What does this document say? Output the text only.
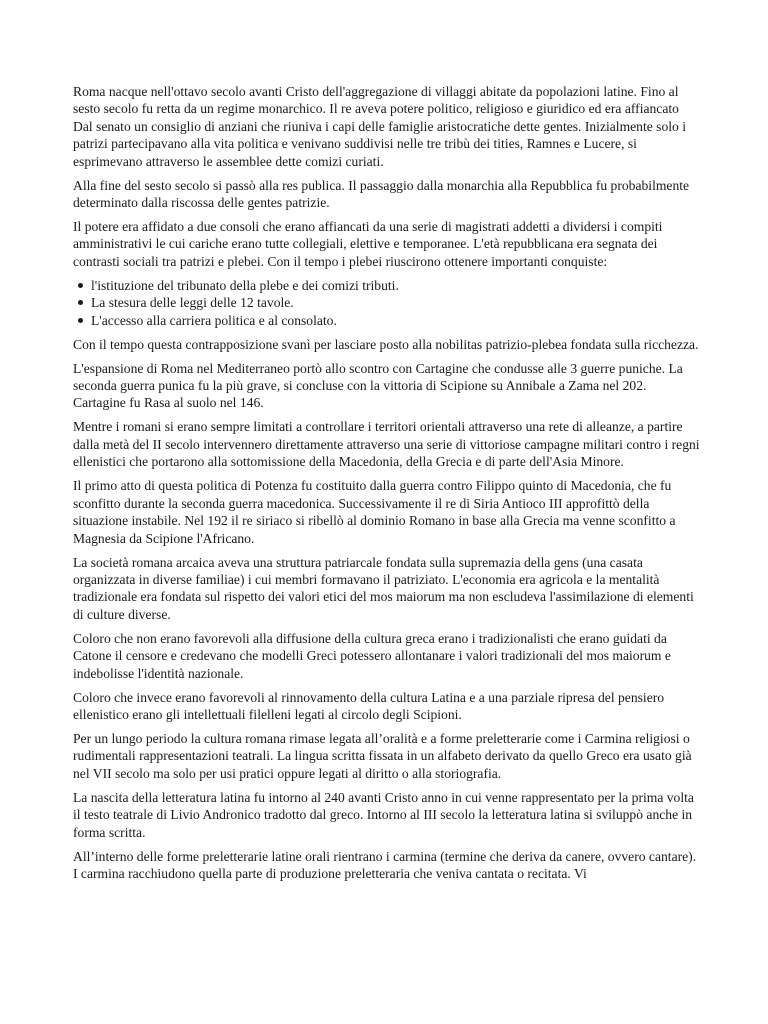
Roma nacque nell'ottavo secolo avanti Cristo dell'aggregazione di villaggi abitate da popolazioni latine. Fino al sesto secolo fu retta da un regime monarchico. Il re aveva potere politico, religioso e giuridico ed era affiancato Dal senato un consiglio di anziani che riuniva i capi delle famiglie aristocratiche dette gentes. Inizialmente solo i patrizi partecipavano alla vita politica e venivano suddivisi nelle tre tribù dei tities, Ramnes e Lucere, si esprimevano attraverso le assemblee dette comizi curiati.

Alla fine del sesto secolo si passò alla res publica. Il passaggio dalla monarchia alla Repubblica fu probabilmente determinato dalla riscossa delle gentes patrizie.

Il potere era affidato a due consoli che erano affiancati da una serie di magistrati addetti a dividersi i compiti amministrativi le cui cariche erano tutte collegiali, elettive e temporanee. L'età repubblicana era segnata dei contrasti sociali tra patrizi e plebei. Con il tempo i plebei riuscirono ottenere importanti conquiste:

l'istituzione del tribunato della plebe e dei comizi tributi.
La stesura delle leggi delle 12 tavole.
L'accesso alla carriera politica e al consolato.

Con il tempo questa contrapposizione svanì per lasciare posto alla nobilitas patrizio-plebea fondata sulla ricchezza.

L'espansione di Roma nel Mediterraneo portò allo scontro con Cartagine che condusse alle 3 guerre puniche. La seconda guerra punica fu la più grave, si concluse con la vittoria di Scipione su Annibale a Zama nel 202. Cartagine fu Rasa al suolo nel 146.

Mentre i romani si erano sempre limitati a controllare i territori orientali attraverso una rete di alleanze, a partire dalla metà del II secolo intervennero direttamente attraverso una serie di vittoriose campagne militari contro i regni ellenistici che portarono alla sottomissione della Macedonia, della Grecia e di parte dell'Asia Minore.

Il primo atto di questa politica di Potenza fu costituito dalla guerra contro Filippo quinto di Macedonia, che fu sconfitto durante la seconda guerra macedonica. Successivamente il re di Siria Antioco III approfittò della situazione instabile. Nel 192 il re siriaco si ribellò al dominio Romano in base alla Grecia ma venne sconfitto a Magnesia da Scipione l'Africano.

La società romana arcaica aveva una struttura patriarcale fondata sulla supremazia della gens (una casata organizzata in diverse familiae) i cui membri formavano il patriziato. L'economia era agricola e la mentalità tradizionale era fondata sul rispetto dei valori etici del mos maiorum ma non escludeva l'assimilazione di elementi di culture diverse.

Coloro che non erano favorevoli alla diffusione della cultura greca erano i tradizionalisti che erano guidati da Catone il censore e credevano che modelli Greci potessero allontanare i valori tradizionali del mos maiorum e indebolisse l'identità nazionale.

Coloro che invece erano favorevoli al rinnovamento della cultura Latina e a una parziale ripresa del pensiero ellenistico erano gli intellettuali filelleni legati al circolo degli Scipioni.

Per un lungo periodo la cultura romana rimase legata all’oralità e a forme preletterarie come i Carmina religiosi o rudimentali rappresentazioni teatrali. La lingua scritta fissata in un alfabeto derivato da quello Greco era usato già nel VII secolo ma solo per usi pratici oppure legati al diritto o alla storiografia.

La nascita della letteratura latina fu intorno al 240 avanti Cristo anno in cui venne rappresentato per la prima volta il testo teatrale di Livio Andronico tradotto dal greco. Intorno al III secolo la letteratura latina si sviluppò anche in forma scritta.

All’interno delle forme preletterarie latine orali rientrano i carmina (termine che deriva da canere, ovvero cantare). I carmina racchiudono quella parte di produzione preletteraria che veniva cantata o recitata. Vi
